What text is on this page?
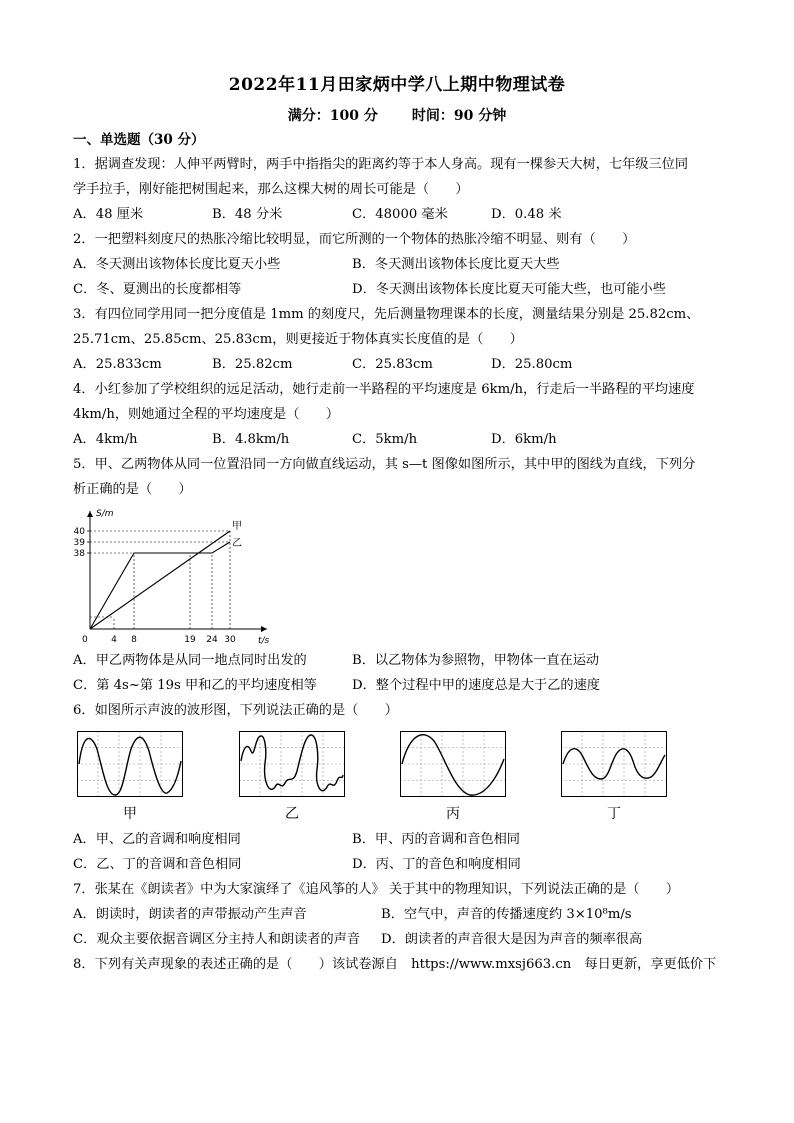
2022年11月田家炳中学八上期中物理试卷
满分：100 分 时间：90 分钟
一、单选题（30 分）
1．据调查发现：人伸平两臂时，两手中指指尖的距离约等于本人身高。现有一棵参天大树，七年级三位同
学手拉手，刚好能把树围起来，那么这棵大树的周长可能是（　　）
A．48 厘米	B．48 分米	C．48000 毫米	D．0.48 米
2．一把塑料刻度尺的热胀冷缩比较明显，而它所测的一个物体的热胀冷缩不明显、则有（　　）
A．冬天测出该物体长度比夏天小些	B．冬天测出该物体长度比夏天大些
C．冬、夏测出的长度都相等	D．冬天测出该物体长度比夏天可能大些，也可能小些
3．有四位同学用同一把分度值是 1mm 的刻度尺，先后测量物理课本的长度，测量结果分别是 25.82cm、
25.71cm、25.85cm、25.83cm，则更接近于物体真实长度值的是（　　）
A．25.833cm	B．25.82cm	C．25.83cm	D．25.80cm
4．小红参加了学校组织的远足活动，她行走前一半路程的平均速度是 6km/h，行走后一半路程的平均速度
4km/h，则她通过全程的平均速度是（　　）
A．4km/h	B．4.8km/h	C．5km/h	D．6km/h
5．甲、乙两物体从同一位置沿同一方向做直线运动，其 s—t 图像如图所示，其中甲的图线为直线，下列分
析正确的是（　　）
S/m
t/s
0
40
39
38
4 8	19 24 30
甲
乙
A．甲乙两物体是从同一地点同时出发的	B．以乙物体为参照物，甲物体一直在运动
C．第 4s~第 19s 甲和乙的平均速度相等	D．整个过程中甲的速度总是大于乙的速度
6．如图所示声波的波形图，下列说法正确的是（　　）
甲	乙	丙	丁
A．甲、乙的音调和响度相同	B．甲、丙的音调和音色相同
C．乙、丁的音调和音色相同	D．丙、丁的音色和响度相同
7．张某在《朗读者》中为大家演绎了《追风筝的人》 关于其中的物理知识，下列说法正确的是（　　）
A．朗读时，朗读者的声带振动产生声音	B．空气中，声音的传播速度约 3×10⁸m/s
C．观众主要依据音调区分主持人和朗读者的声音 D．朗读者的声音很大是因为声音的频率很高
8．下列有关声现象的表述正确的是（　　）该试卷源自　https://www.mxsj663.cn　每日更新，享更低价下
